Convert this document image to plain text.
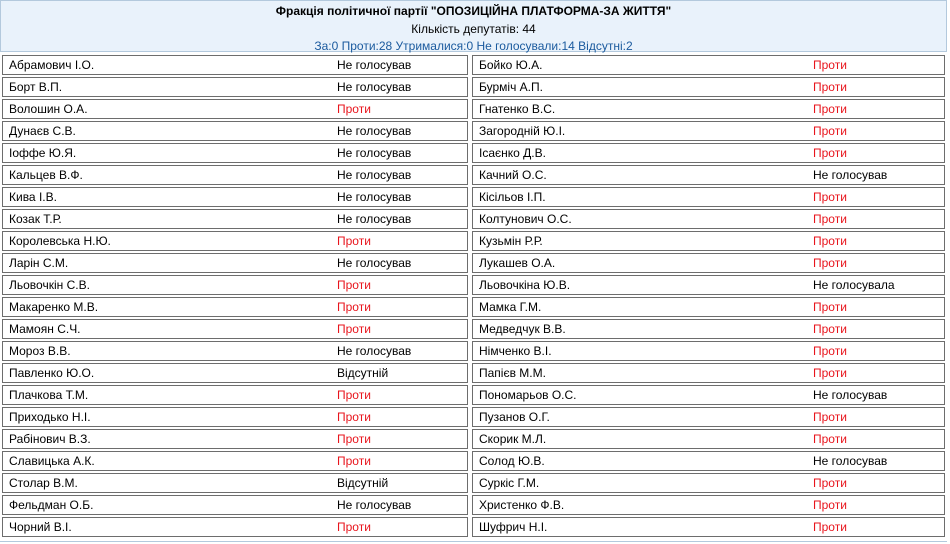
Фракція політичної партії "ОПОЗИЦІЙНА ПЛАТФОРМА-ЗА ЖИТТЯ"
Кількість депутатів: 44
За:0 Проти:28 Утрималися:0 Не голосували:14 Відсутні:2
Абрамович І.О.	Не голосував
Борт В.П.	Не голосував
Волошин О.А.	Проти
Дунаєв С.В.	Не голосував
Іоффе Ю.Я.	Не голосував
Кальцев В.Ф.	Не голосував
Кива І.В.	Не голосував
Козак Т.Р.	Не голосував
Королевська Н.Ю.	Проти
Ларін С.М.	Не голосував
Льовочкін С.В.	Проти
Макаренко М.В.	Проти
Мамоян С.Ч.	Проти
Мороз В.В.	Не голосував
Павленко Ю.О.	Відсутній
Плачкова Т.М.	Проти
Приходько Н.І.	Проти
Рабінович В.З.	Проти
Славицька А.К.	Проти
Столар В.М.	Відсутній
Фельдман О.Б.	Не голосував
Чорний В.І.	Проти
Бойко Ю.А.	Проти
Бурміч А.П.	Проти
Гнатенко В.С.	Проти
Загородній Ю.І.	Проти
Ісаєнко Д.В.	Проти
Качний О.С.	Не голосував
Кісільов І.П.	Проти
Колтунович О.С.	Проти
Кузьмін Р.Р.	Проти
Лукашев О.А.	Проти
Льовочкіна Ю.В.	Не голосувала
Мамка Г.М.	Проти
Медведчук В.В.	Проти
Німченко В.І.	Проти
Папієв М.М.	Проти
Пономарьов О.С.	Не голосував
Пузанов О.Г.	Проти
Скорик М.Л.	Проти
Солод Ю.В.	Не голосував
Суркіс Г.М.	Проти
Христенко Ф.В.	Проти
Шуфрич Н.І.	Проти
